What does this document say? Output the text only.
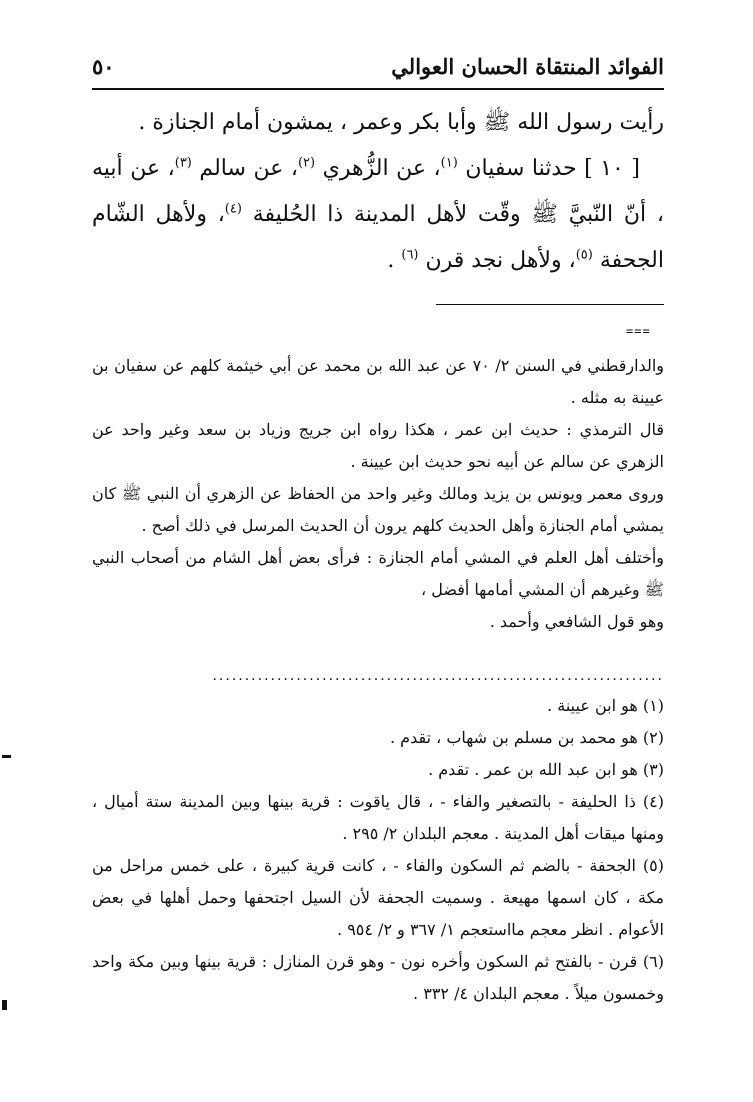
الفوائد المنتقاة الحسان العوالي
٥٠

رأيت رسول الله ﷺ وأبا بكر وعمر ، يمشون أمام الجنازة .

[ ١٠ ] حدثنا سفيان $^{(١)}$، عن الزُّهري $^{(٢)}$، عن سالم $^{(٣)}$، عن أبيه ، أنّ النّبيَّ ﷺ وقّت لأهل المدينة ذا الحُليفة $^{(٤)}$، ولأهل الشّام الجحفة $^{(٥)}$، ولأهل نجد قرن $^{(٦)}$ .

===

والدارقطني في السنن ٢/ ٧٠ عن عبد الله بن محمد عن أبي خيثمة كلهم عن سفيان بن عيينة به مثله .

قال الترمذي : حديث ابن عمر ، هكذا رواه ابن جريج وزياد بن سعد وغير واحد عن الزهري عن سالم عن أبيه نحو حديث ابن عيينة .

وروى معمر ويونس بن يزيد ومالك وغير واحد من الحفاظ عن الزهري أن النبي ﷺ كان يمشي أمام الجنازة وأهل الحديث كلهم يرون أن الحديث المرسل في ذلك أصح .

وأختلف أهل العلم في المشي أمام الجنازة : فرأى بعض أهل الشام من أصحاب النبي ﷺ وغيرهم أن المشي أمامها أفضل ،

وهو قول الشافعي وأحمد .

......................................................................

(١) هو ابن عيينة .

(٢) هو محمد بن مسلم بن شهاب ، تقدم .

(٣) هو ابن عبد الله بن عمر . تقدم .

(٤) ذا الحليفة - بالتصغير والفاء - ، قال ياقوت : قرية بينها وبين المدينة ستة أميال ، ومنها ميقات أهل المدينة . معجم البلدان ٢/ ٢٩٥ .

(٥) الجحفة - بالضم ثم السكون والفاء - ، كانت قرية كبيرة ، على خمس مراحل من مكة ، كان اسمها مهيعة . وسميت الجحفة لأن السيل اجتحفها وحمل أهلها في بعض الأعوام . انظر معجم مااستعجم ١/ ٣٦٧ و ٢/ ٩٥٤ .

(٦) قرن - بالفتح ثم السكون وأخره نون - وهو قرن المنازل : قرية بينها وبين مكة واحد وخمسون ميلاً . معجم البلدان ٤/ ٣٣٢ .
